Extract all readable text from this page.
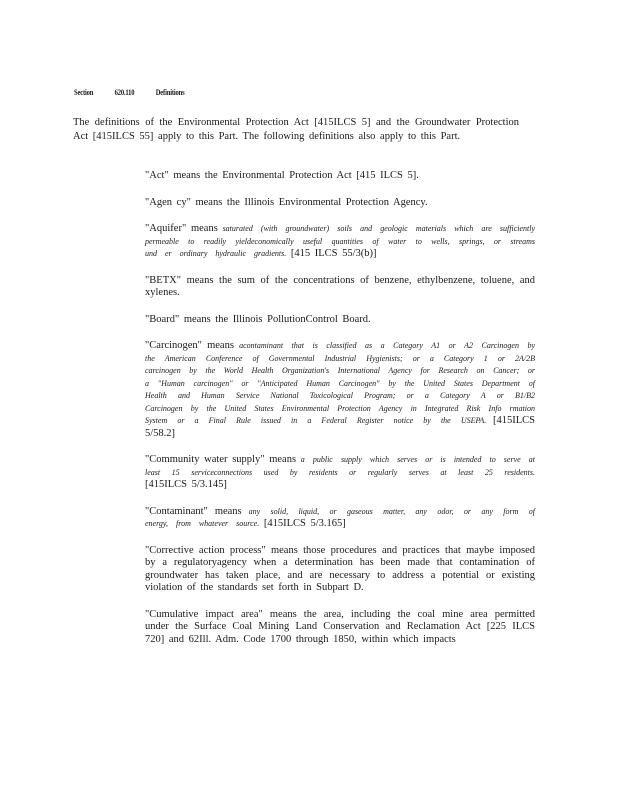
Section	620.110	Definitions
The definitions of the Environmental Protection Act [415ILCS 5] and the Groundwater Protection Act [415ILCS 55] apply to this Part. The following definitions also apply to this Part.
"Act" means the Environmental Protection Act [415 ILCS 5].
"Agen cy" means the Illinois Environmental Protection Agency.
"Aquifer" means saturated (with groundwater) soils and geologic materials which are sufficiently permeable to readily yieldeconomically useful quantities of water to wells, springs, or streams und er ordinary hydraulic gradients. [415 ILCS 55/3(b)]
"BETX" means the sum of the concentrations of benzene, ethylbenzene, toluene, and xylenes.
"Board" means the Illinois PollutionControl Board.
"Carcinogen" means acontaminant that is classified as a Category A1 or A2 Carcinogen by the American Conference of Governmental Industrial Hygienists; or a Category 1 or 2A/2B carcinogen by the World Health Organization's International Agency for Research on Cancer; or a "Human carcinogen" or "Anticipated Human Carcinogen" by the United States Department of Health and Human Service National Toxicological Program; or a Category A or B1/B2 Carcinogen by the United States Environmental Protection Agency in Integrated Risk Info rmation System or a Final Rule issued in a Federal Register notice by the USEPA. [415ILCS 5/58.2]
"Community water supply" means a public supply which serves or is intended to serve at least 15 serviceconnections used by residents or regularly serves at least 25 residents. [415ILCS 5/3.145]
"Contaminant" means any solid, liquid, or gaseous matter, any odor, or any form of energy, from whatever source. [415ILCS 5/3.165]
"Corrective action process" means those procedures and practices that maybe imposed by a regulatoryagency when a determination has been made that contamination of groundwater has taken place, and are necessary to address a potential or existing violation of the standards set forth in Subpart D.
"Cumulative impact area" means the area, including the coal mine area permitted under the Surface Coal Mining Land Conservation and Reclamation Act [225 ILCS 720] and 62Ill. Adm. Code 1700 through 1850, within which impacts
